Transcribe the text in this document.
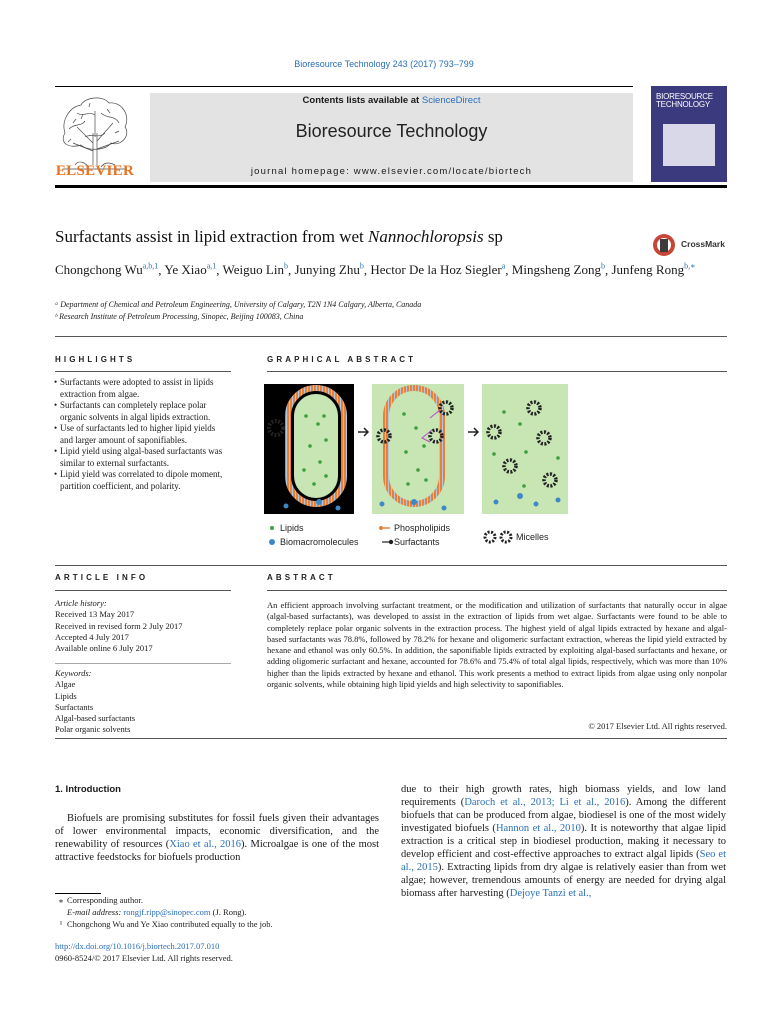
Bioresource Technology 243 (2017) 793–799
ELSEVIER
Contents lists available at ScienceDirect
Bioresource Technology
journal homepage: www.elsevier.com/locate/biortech
BIORESOURCE
TECHNOLOGY
Surfactants assist in lipid extraction from wet Nannochloropsis sp	CrossMark
Chongchong Wu$^{a,b,1}$, Ye Xiao$^{a,1}$, Weiguo Lin$^b$, Junying Zhu$^b$, Hector De la Hoz Siegler$^a$, Mingsheng Zong$^b$, Junfeng Rong$^{b,∗}$
ᵃ Department of Chemical and Petroleum Engineering, University of Calgary, T2N 1N4 Calgary, Alberta, Canada
ᵇ Research Institute of Petroleum Processing, Sinopec, Beijing 100083, China
HIGHLIGHTS
• Surfactants were adopted to assist in lipids extraction from algae.
• Surfactants can completely replace polar organic solvents in algal lipids extraction.
• Use of surfactants led to higher lipid yields and larger amount of saponifiables.
• Lipid yield using algal-based surfactants was similar to external surfactants.
• Lipid yield was correlated to dipole moment, partition coefficient, and polarity.
GRAPHICAL ABSTRACT
Lipids
Biomacromolecules
Phospholipids
Surfactants	Micelles
ARTICLE INFO
Article history:
Received 13 May 2017
Received in revised form 2 July 2017
Accepted 4 July 2017
Available online 6 July 2017
Keywords:
Algae
Lipids
Surfactants
Algal-based surfactants
Polar organic solvents
ABSTRACT
An efficient approach involving surfactant treatment, or the modification and utilization of surfactants that naturally occur in algae (algal-based surfactants), was developed to assist in the extraction of lipids from wet algae. Surfactants were found to be able to completely replace polar organic solvents in the extraction process. The highest yield of algal lipids extracted by hexane and algal-based surfactants was 78.8%, followed by 78.2% for hexane and oligomeric surfactant extraction, whereas the lipid yield extracted by hexane and ethanol was only 60.5%. In addition, the saponifiable lipids extracted by exploiting algal-based surfactants and hexane, or adding oligomeric surfactant and hexane, accounted for 78.6% and 75.4% of total algal lipids, respectively, which was more than 10% higher than the lipids extracted by hexane and ethanol. This work presents a method to extract lipids from algae using only nonpolar organic solvents, while obtaining high lipid yields and high selectivity to saponifiables.
© 2017 Elsevier Ltd. All rights reserved.
1. Introduction
Biofuels are promising substitutes for fossil fuels given their advantages of lower environmental impacts, economic diversification, and the renewability of resources (Xiao et al., 2016). Microalgae is one of the most attractive feedstocks for biofuels production
due to their high growth rates, high biomass yields, and low land requirements (Daroch et al., 2013; Li et al., 2016). Among the different biofuels that can be produced from algae, biodiesel is one of the most widely investigated biofuels (Hannon et al., 2010). It is noteworthy that algae lipid extraction is a critical step in biodiesel production, making it necessary to develop efficient and cost-effective approaches to extract algal lipids (Seo et al., 2015). Extracting lipids from dry algae is relatively easier than from wet algae; however, tremendous amounts of energy are needed for drying algal biomass after harvesting (Dejoye Tanzi et al.,
⁎ Corresponding author.
E-mail address: rongjf.ripp@sinopec.com (J. Rong).
¹ Chongchong Wu and Ye Xiao contributed equally to the job.
http://dx.doi.org/10.1016/j.biortech.2017.07.010
0960-8524/© 2017 Elsevier Ltd. All rights reserved.
